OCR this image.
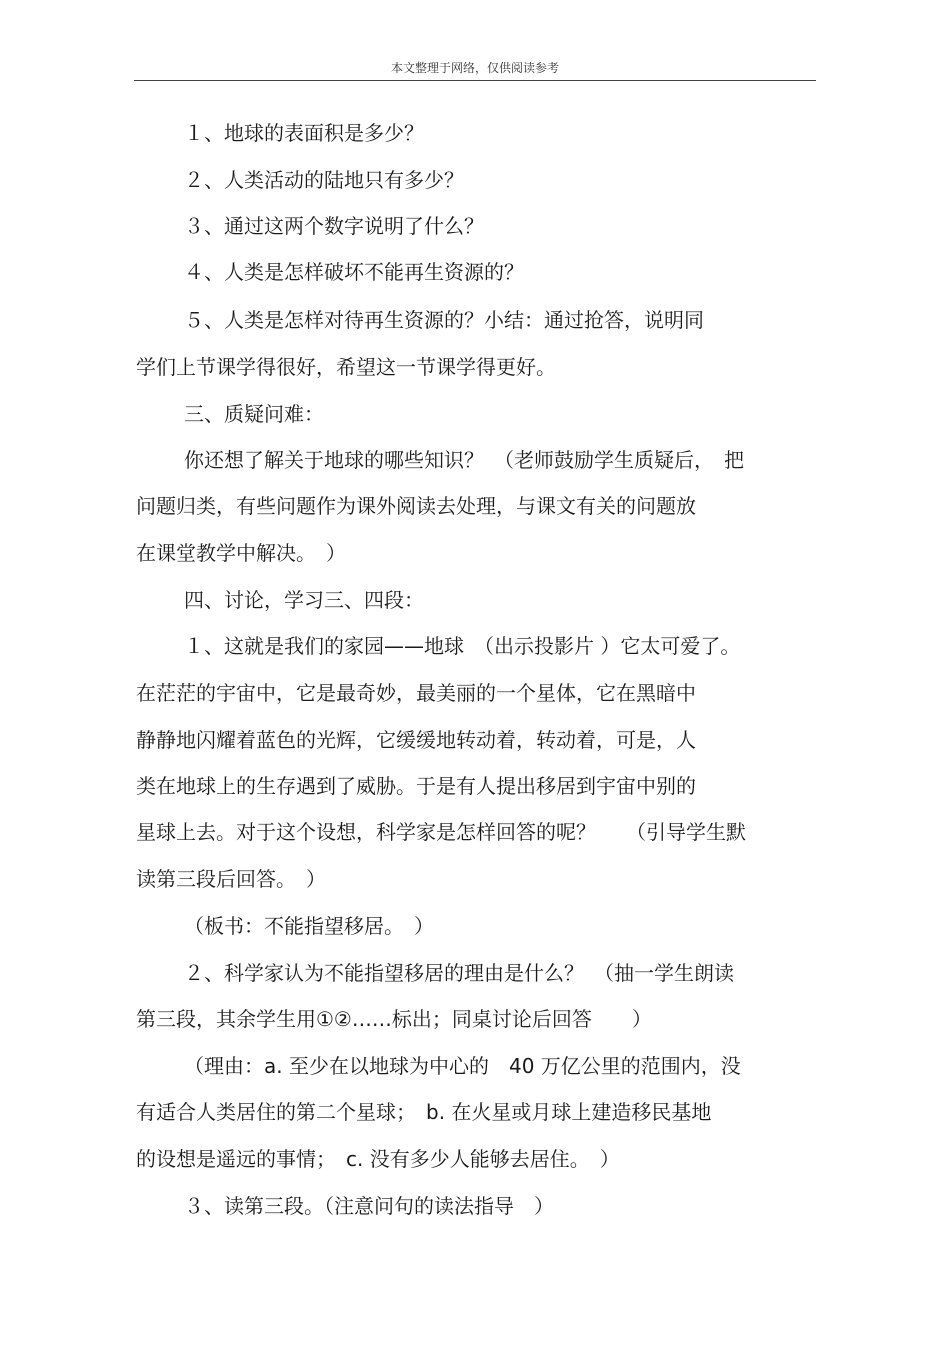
本文整理于网络，仅供阅读参考
１、地球的表面积是多少？
２、人类活动的陆地只有多少？
３、通过这两个数字说明了什么？
４、人类是怎样破坏不能再生资源的？
５、人类是怎样对待再生资源的？小结：通过抢答，说明同
学们上节课学得很好，希望这一节课学得更好。
三、质疑问难：
你还想了解关于地球的哪些知识？　（老师鼓励学生质疑后，　把
问题归类，有些问题作为课外阅读去处理，与课文有关的问题放
在课堂教学中解决。　）
四、讨论，学习三、四段：
１、这就是我们的家园——地球　（出示投影片 ）它太可爱了。
在茫茫的宇宙中，它是最奇妙，最美丽的一个星体，它在黑暗中
静静地闪耀着蓝色的光辉，它缓缓地转动着，转动着，可是，人
类在地球上的生存遇到了威胁。于是有人提出移居到宇宙中别的
星球上去。对于这个设想，科学家是怎样回答的呢？　　（引导学生默
读第三段后回答。　）
（板书：不能指望移居。　）
２、科学家认为不能指望移居的理由是什么？　（抽一学生朗读
第三段，其余学生用①②……标出；同桌讨论后回答　　）
（理由：a. 至少在以地球为中心的　40 万亿公里的范围内，没
有适合人类居住的第二个星球；　b. 在火星或月球上建造移民基地
的设想是遥远的事情；　c. 没有多少人能够去居住。　）
３、读第三段。（注意问句的读法指导　）
